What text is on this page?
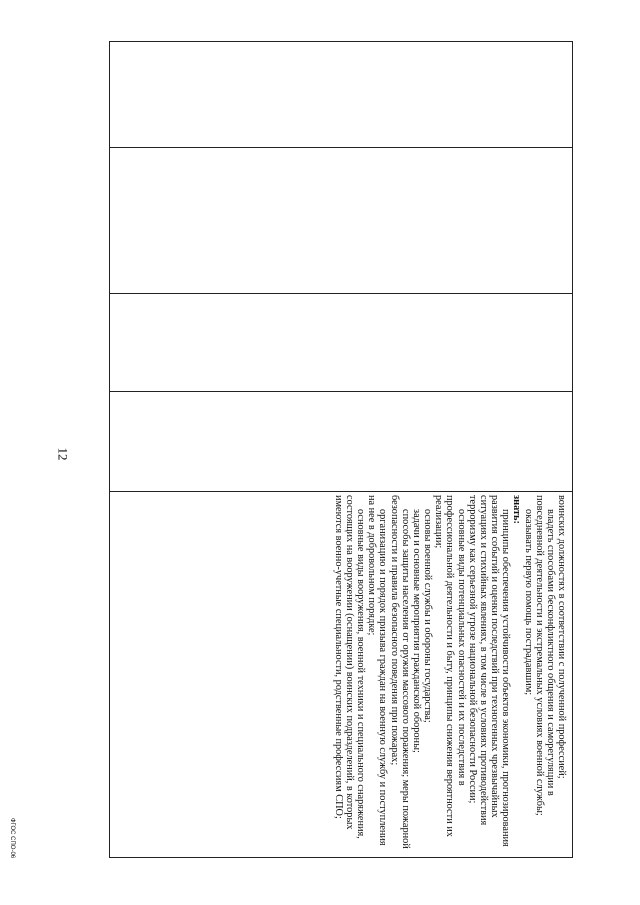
12

воинских должностях в соответствии с полученной профессией;

владеть способами бесконфликтного общения и саморегуляции в повседневной деятельности и экстремальных условиях военной службы;

оказывать первую помощь пострадавшим;

знать:

принципы обеспечения устойчивости объектов экономики, прогнозирования развития событий и оценки последствий при техногенных чрезвычайных ситуациях и стихийных явлениях, в том числе в условиях противодействия терроризму как серьезной угрозе национальной безопасности России;

основные виды потенциальных опасностей и их последствия в профессиональной деятельности и быту, принципы снижения вероятности их реализации;

основы военной службы и обороны государства;

задачи и основные мероприятия гражданской обороны;

способы защиты населения от оружия массового поражения; меры пожарной безопасности и правила безопасного поведения при пожарах;

организацию и порядок призыва граждан на военную службу и поступления на нее в добровольном порядке;

основные виды вооружения, военной техники и специального снаряжения, состоящих на вооружении (оснащении) воинских подразделений, в которых имеются военно-учетные специальности, родственные профессиям СПО;

ФГОС СПО-06
